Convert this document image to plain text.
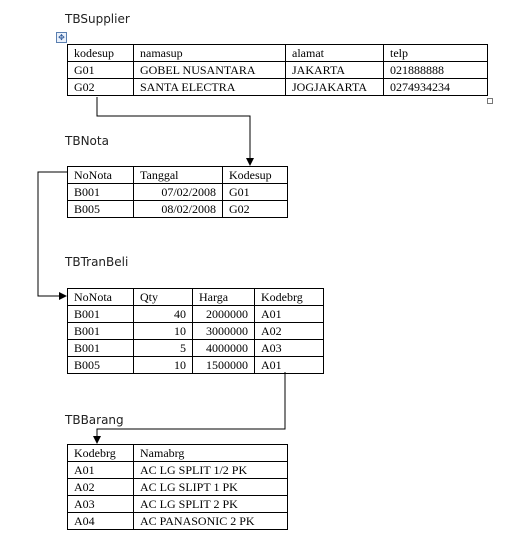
TBSupplier
TBNota
TBTranBeli
TBBarang
✥
kodesup	namasup	alamat	telp
G01	GOBEL NUSANTARA	JAKARTA	021888888
G02	SANTA ELECTRA	JOGJAKARTA	0274934234
NoNota	Tanggal	Kodesup
B001	07/02/2008	G01
B005	08/02/2008	G02
NoNota	Qty	Harga	Kodebrg
B001	40	2000000	A01
B001	10	3000000	A02
B001	5	4000000	A03
B005	10	1500000	A01
Kodebrg	Namabrg
A01	AC LG SPLIT 1/2 PK
A02	AC LG SLIPT 1 PK
A03	AC LG SPLIT 2 PK
A04	AC PANASONIC 2 PK
